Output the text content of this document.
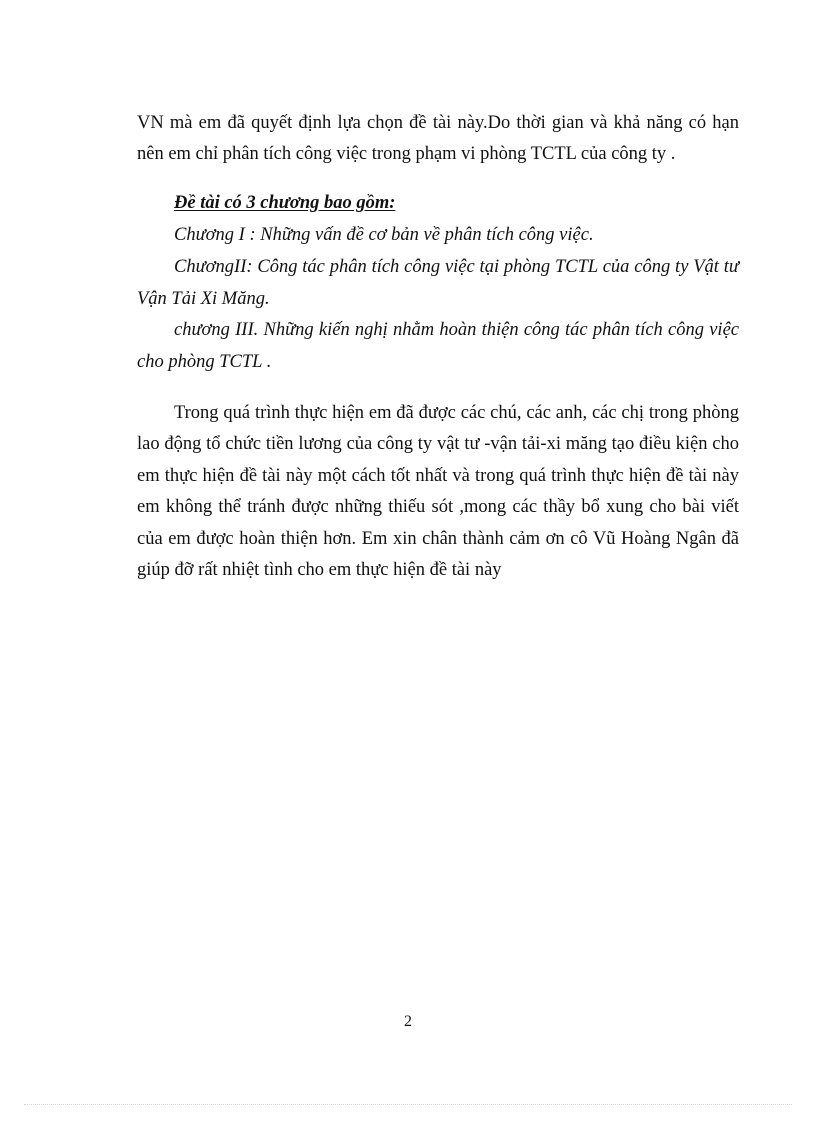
VN mà em đã quyết định lựa chọn đề tài này.Do thời gian và khả năng có hạn nên em chỉ phân tích công việc trong phạm vi phòng TCTL của công ty .

Đề tài có 3 chương bao gồm:
Chương I : Những vấn đề cơ bản về phân tích công việc.
ChươngII: Công tác phân tích công việc tại phòng TCTL của công ty Vật tư Vận Tải Xi Măng.
chương III. Những kiến nghị nhằm hoàn thiện công tác phân tích công việc cho phòng TCTL .

Trong quá trình thực hiện em đã được các chú, các anh, các chị trong phòng lao động tổ chức tiền lương của công ty vật tư -vận tải-xi măng tạo điều kiện cho em thực hiện đề tài này một cách tốt nhất và trong quá trình thực hiện đề tài này em không thể tránh được những thiếu sót ,mong các thầy bổ xung cho bài viết của em được hoàn thiện hơn. Em xin chân thành cảm ơn cô Vũ Hoàng Ngân đã giúp đỡ rất nhiệt tình cho em thực hiện đề tài này

2
